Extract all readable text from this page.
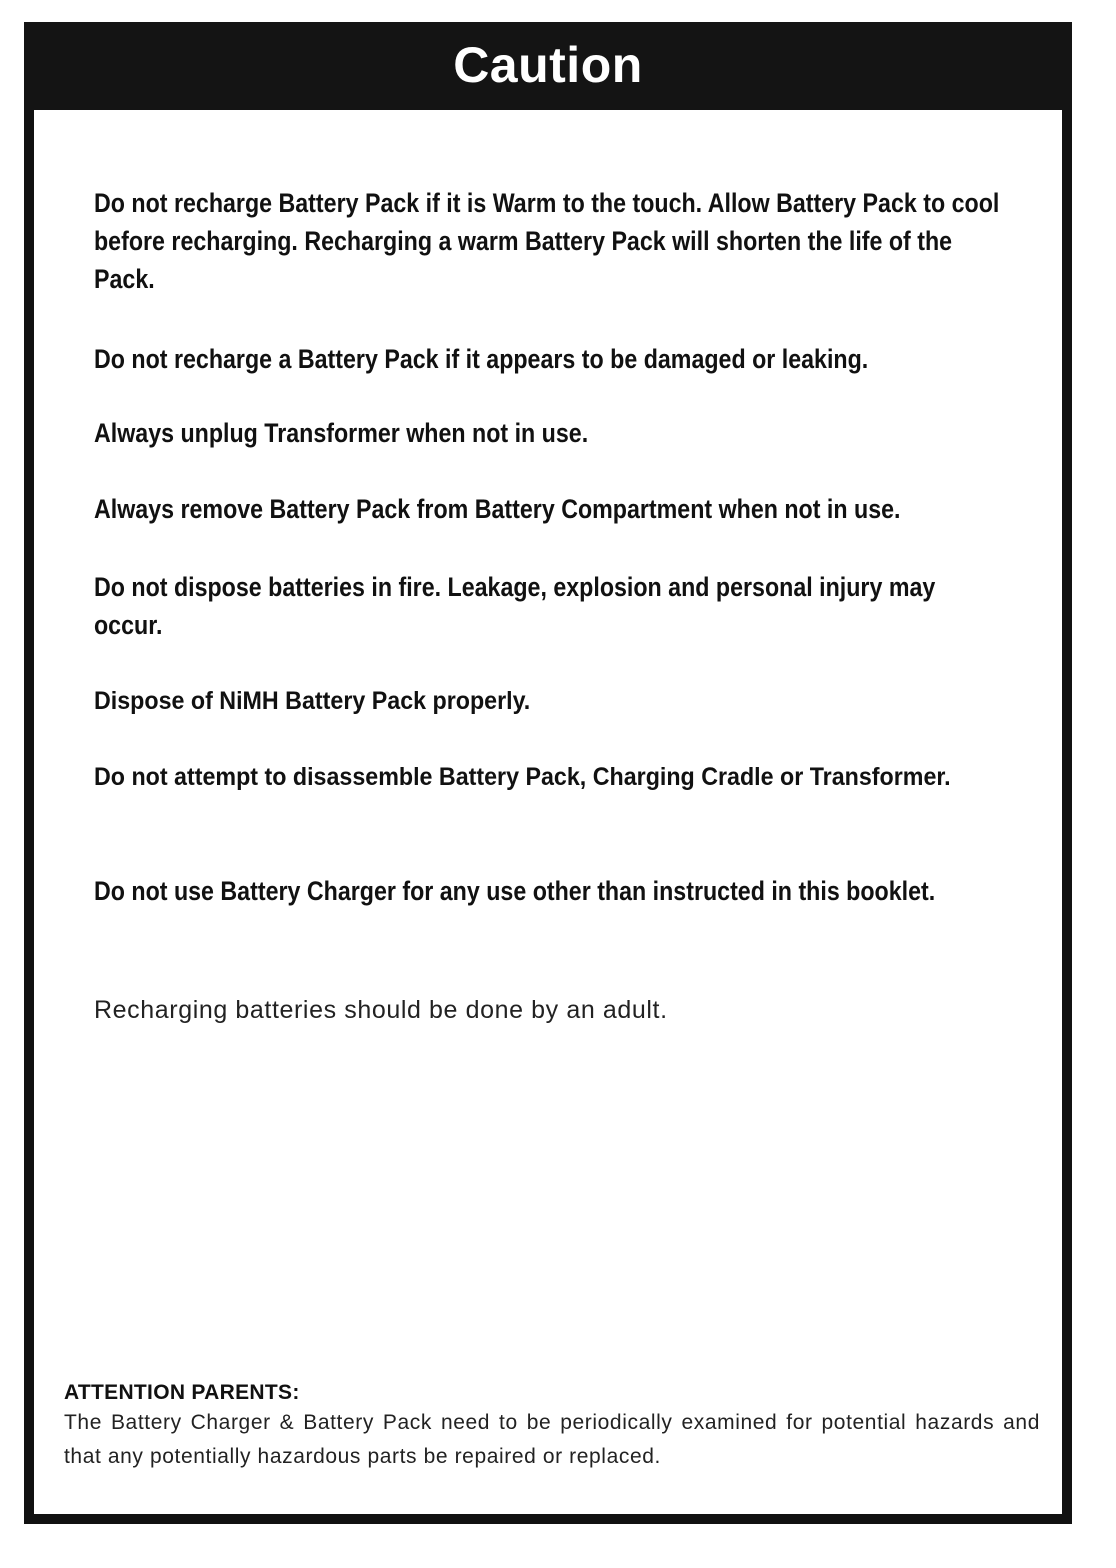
Caution

Do not recharge Battery Pack if it is Warm to the touch. Allow Battery Pack to cool before recharging. Recharging a warm Battery Pack will shorten the life of the Pack.

Do not recharge a Battery Pack if it appears to be damaged or leaking.

Always unplug Transformer when not in use.

Always remove Battery Pack from Battery Compartment when not in use.

Do not dispose batteries in fire. Leakage, explosion and personal injury may occur.

Dispose of NiMH Battery Pack properly.

Do not attempt to disassemble Battery Pack, Charging Cradle or Transformer.

Do not use Battery Charger for any use other than instructed in this booklet.

Recharging batteries should be done by an adult.

ATTENTION PARENTS:

The Battery Charger & Battery Pack need to be periodically examined for potential hazards and that any potentially hazardous parts be repaired or replaced.
